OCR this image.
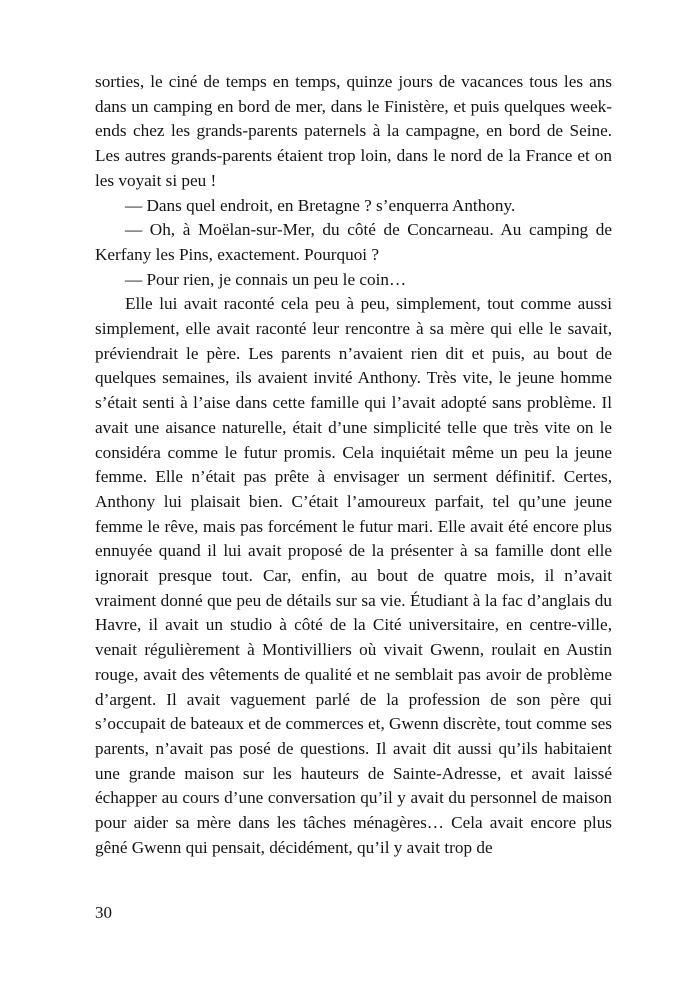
sorties, le ciné de temps en temps, quinze jours de vacances tous les ans dans un camping en bord de mer, dans le Finistère, et puis quelques week-ends chez les grands-parents paternels à la campagne, en bord de Seine. Les autres grands-parents étaient trop loin, dans le nord de la France et on les voyait si peu !

— Dans quel endroit, en Bretagne ? s’enquerra Anthony.

— Oh, à Moëlan-sur-Mer, du côté de Concarneau. Au camping de Kerfany les Pins, exactement. Pourquoi ?

— Pour rien, je connais un peu le coin…

Elle lui avait raconté cela peu à peu, simplement, tout comme aussi simplement, elle avait raconté leur rencontre à sa mère qui elle le savait, préviendrait le père. Les parents n’avaient rien dit et puis, au bout de quelques semaines, ils avaient invité Anthony. Très vite, le jeune homme s’était senti à l’aise dans cette famille qui l’avait adopté sans problème. Il avait une aisance naturelle, était d’une simplicité telle que très vite on le considéra comme le futur promis. Cela inquiétait même un peu la jeune femme. Elle n’était pas prête à envisager un serment définitif. Certes, Anthony lui plaisait bien. C’était l’amoureux parfait, tel qu’une jeune femme le rêve, mais pas forcément le futur mari. Elle avait été encore plus ennuyée quand il lui avait proposé de la présenter à sa famille dont elle ignorait presque tout. Car, enfin, au bout de quatre mois, il n’avait vraiment donné que peu de détails sur sa vie. Étudiant à la fac d’anglais du Havre, il avait un studio à côté de la Cité universitaire, en centre-ville, venait régulièrement à Montivilliers où vivait Gwenn, roulait en Austin rouge, avait des vêtements de qualité et ne semblait pas avoir de problème d’argent. Il avait vaguement parlé de la profession de son père qui s’occupait de bateaux et de commerces et, Gwenn discrète, tout comme ses parents, n’avait pas posé de questions. Il avait dit aussi qu’ils habitaient une grande maison sur les hauteurs de Sainte-Adresse, et avait laissé échapper au cours d’une conversation qu’il y avait du personnel de maison pour aider sa mère dans les tâches ménagères… Cela avait encore plus gêné Gwenn qui pensait, décidément, qu’il y avait trop de

30
